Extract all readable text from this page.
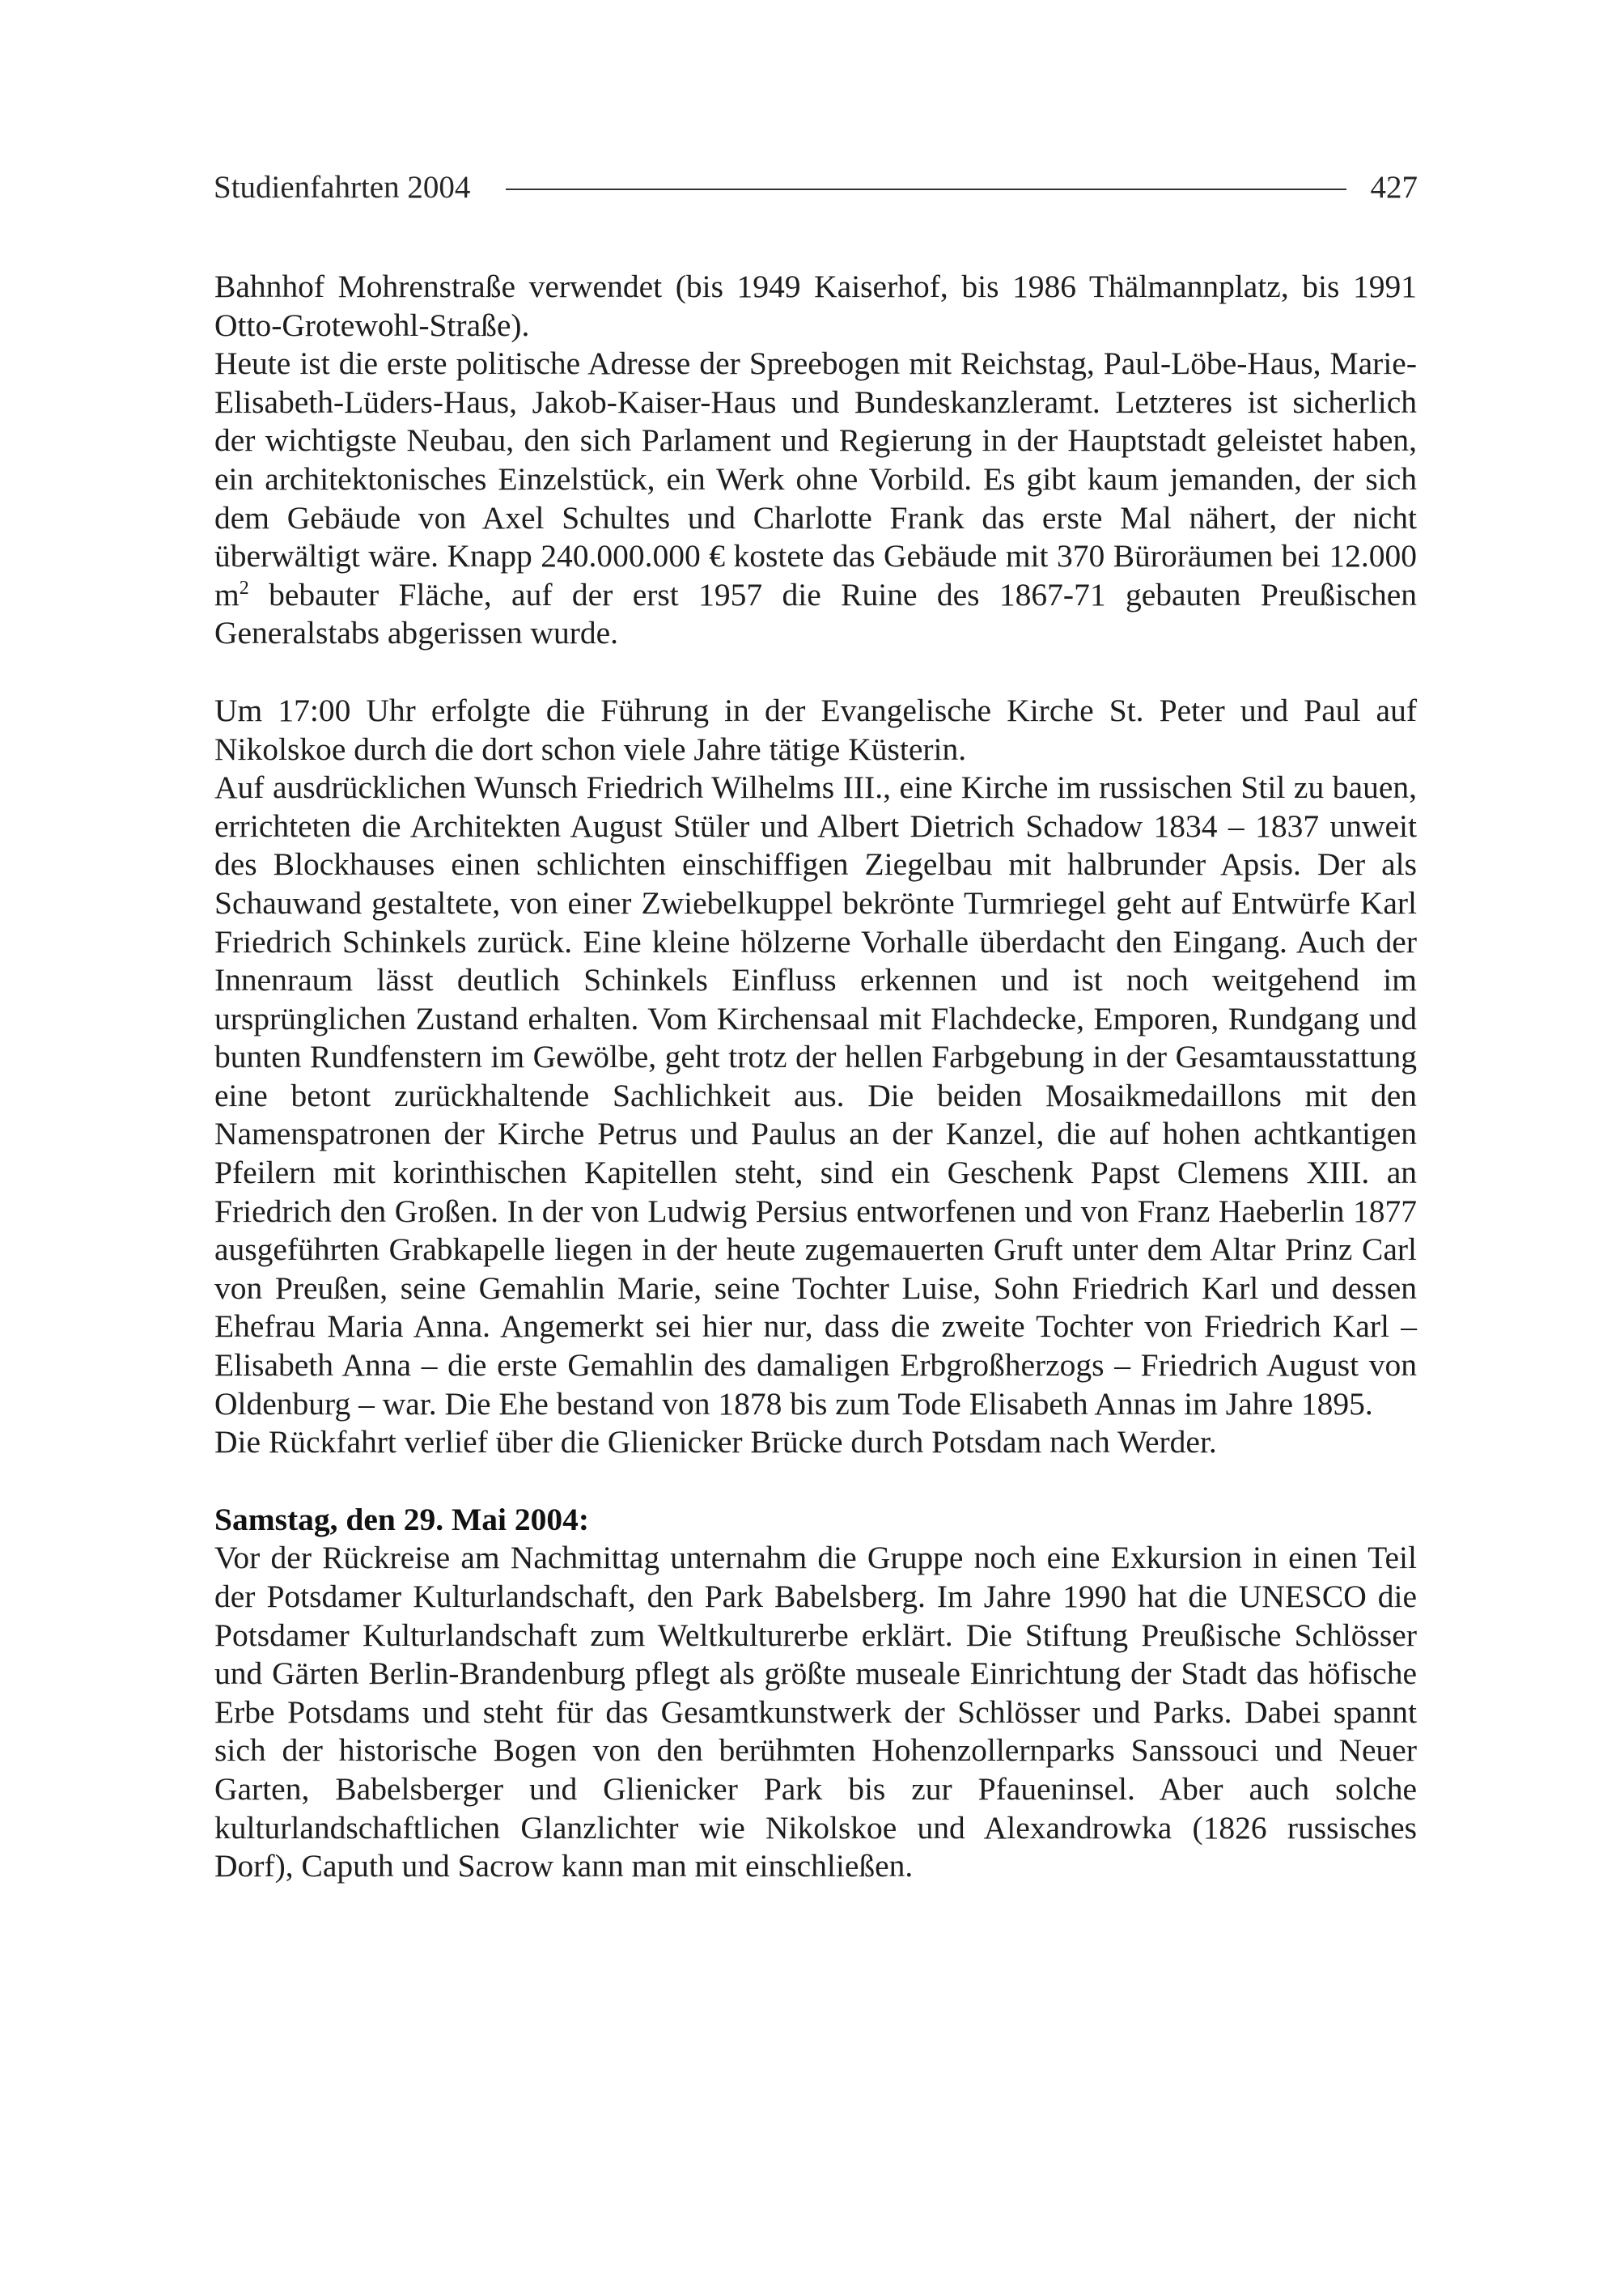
Studienfahrten 2004	427

Bahnhof Mohrenstraße verwendet (bis 1949 Kaiserhof, bis 1986 Thälmannplatz, bis 1991 Otto-Grotewohl-Straße).

Heute ist die erste politische Adresse der Spreebogen mit Reichstag, Paul-Löbe-Haus, Marie-Elisabeth-Lüders-Haus, Jakob-Kaiser-Haus und Bundeskanzleramt. Letzteres ist sicherlich der wichtigste Neubau, den sich Parlament und Regierung in der Hauptstadt geleistet haben, ein architektonisches Einzelstück, ein Werk ohne Vorbild. Es gibt kaum jemanden, der sich dem Gebäude von Axel Schultes und Charlotte Frank das erste Mal nähert, der nicht überwältigt wäre. Knapp 240.000.000 € kostete das Gebäude mit 370 Büroräumen bei 12.000 $m^2$ bebauter Fläche, auf der erst 1957 die Ruine des 1867-71 gebauten Preußischen Generalstabs abgerissen wurde.

Um 17:00 Uhr erfolgte die Führung in der Evangelische Kirche St. Peter und Paul auf Nikolskoe durch die dort schon viele Jahre tätige Küsterin.

Auf ausdrücklichen Wunsch Friedrich Wilhelms III., eine Kirche im russischen Stil zu bauen, errichteten die Architekten August Stüler und Albert Dietrich Schadow 1834 – 1837 unweit des Blockhauses einen schlichten einschiffigen Ziegelbau mit halbrunder Apsis. Der als Schauwand gestaltete, von einer Zwiebelkuppel bekrönte Turmriegel geht auf Entwürfe Karl Friedrich Schinkels zurück. Eine kleine hölzerne Vorhalle überdacht den Eingang. Auch der Innenraum lässt deutlich Schinkels Einfluss erkennen und ist noch weitgehend im ursprünglichen Zustand erhalten. Vom Kirchensaal mit Flachdecke, Emporen, Rundgang und bunten Rundfenstern im Gewölbe, geht trotz der hellen Farbgebung in der Gesamtausstattung eine betont zurückhaltende Sachlichkeit aus. Die beiden Mosaikmedaillons mit den Namenspatronen der Kirche Petrus und Paulus an der Kanzel, die auf hohen achtkantigen Pfeilern mit korinthischen Kapitellen steht, sind ein Geschenk Papst Clemens XIII. an Friedrich den Großen. In der von Ludwig Persius entworfenen und von Franz Haeberlin 1877 ausgeführten Grabkapelle liegen in der heute zugemauerten Gruft unter dem Altar Prinz Carl von Preußen, seine Gemahlin Marie, seine Tochter Luise, Sohn Friedrich Karl und dessen Ehefrau Maria Anna. Angemerkt sei hier nur, dass die zweite Tochter von Friedrich Karl – Elisabeth Anna – die erste Gemahlin des damaligen Erbgroßherzogs – Friedrich August von Oldenburg – war. Die Ehe bestand von 1878 bis zum Tode Elisabeth Annas im Jahre 1895.

Die Rückfahrt verlief über die Glienicker Brücke durch Potsdam nach Werder.

Samstag, den 29. Mai 2004:

Vor der Rückreise am Nachmittag unternahm die Gruppe noch eine Exkursion in einen Teil der Potsdamer Kulturlandschaft, den Park Babelsberg. Im Jahre 1990 hat die UNESCO die Potsdamer Kulturlandschaft zum Weltkulturerbe erklärt. Die Stiftung Preußische Schlösser und Gärten Berlin-Brandenburg pflegt als größte museale Einrichtung der Stadt das höfische Erbe Potsdams und steht für das Gesamtkunstwerk der Schlösser und Parks. Dabei spannt sich der historische Bogen von den berühmten Hohenzollernparks Sanssouci und Neuer Garten, Babelsberger und Glienicker Park bis zur Pfaueninsel. Aber auch solche kulturlandschaftlichen Glanzlichter wie Nikolskoe und Alexandrowka (1826 russisches Dorf), Caputh und Sacrow kann man mit einschließen.
